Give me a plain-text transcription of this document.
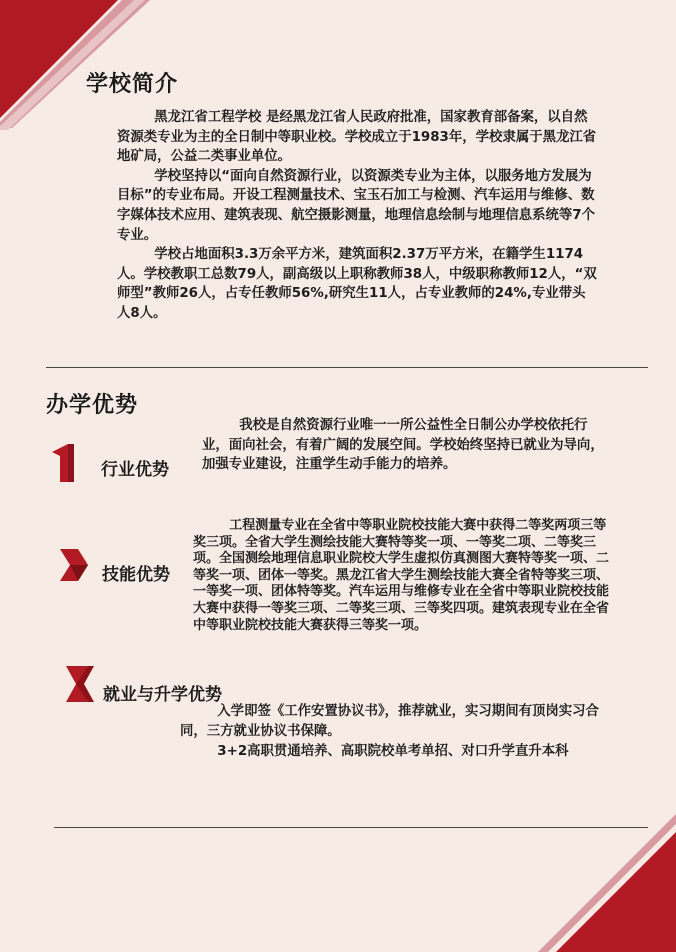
学校简介

黑龙江省工程学校 是经黑龙江省人民政府批准，国家教育部备案，以自然资源类专业为主的全日制中等职业校。学校成立于1983年，学校隶属于黑龙江省地矿局，公益二类事业单位。
学校坚持以“面向自然资源行业，以资源类专业为主体，以服务地方发展为目标”的专业布局。开设工程测量技术、宝玉石加工与检测、汽车运用与维修、数字媒体技术应用、建筑表现、航空摄影测量，地理信息绘制与地理信息系统等7个专业。
学校占地面积3.3万余平方米，建筑面积2.37万平方米，在籍学生1174人。学校教职工总数79人，副高级以上职称教师38人，中级职称教师12人，“双师型”教师26人，占专任教师56%,研究生11人，占专业教师的24%,专业带头人8人。

办学优势
行业优势

我校是自然资源行业唯一一所公益性全日制公办学校依托行业，面向社会，有着广阔的发展空间。学校始终坚持已就业为导向，加强专业建设，注重学生动手能力的培养。

技能优势

工程测量专业在全省中等职业院校技能大赛中获得二等奖两项三等奖三项。全省大学生测绘技能大赛特等奖一项、一等奖二项、二等奖三项。全国测绘地理信息职业院校大学生虚拟仿真测图大赛特等奖一项、二等奖一项、团体一等奖。黑龙江省大学生测绘技能大赛全省特等奖三项、一等奖一项、团体特等奖。汽车运用与维修专业在全省中等职业院校技能大赛中获得一等奖三项、二等奖三项、三等奖四项。建筑表现专业在全省中等职业院校技能大赛获得三等奖一项。

就业与升学优势

入学即签《工作安置协议书》，推荐就业，实习期间有顶岗实习合同，三方就业协议书保障。
3+2高职贯通培养、高职院校单考单招、对口升学直升本科
